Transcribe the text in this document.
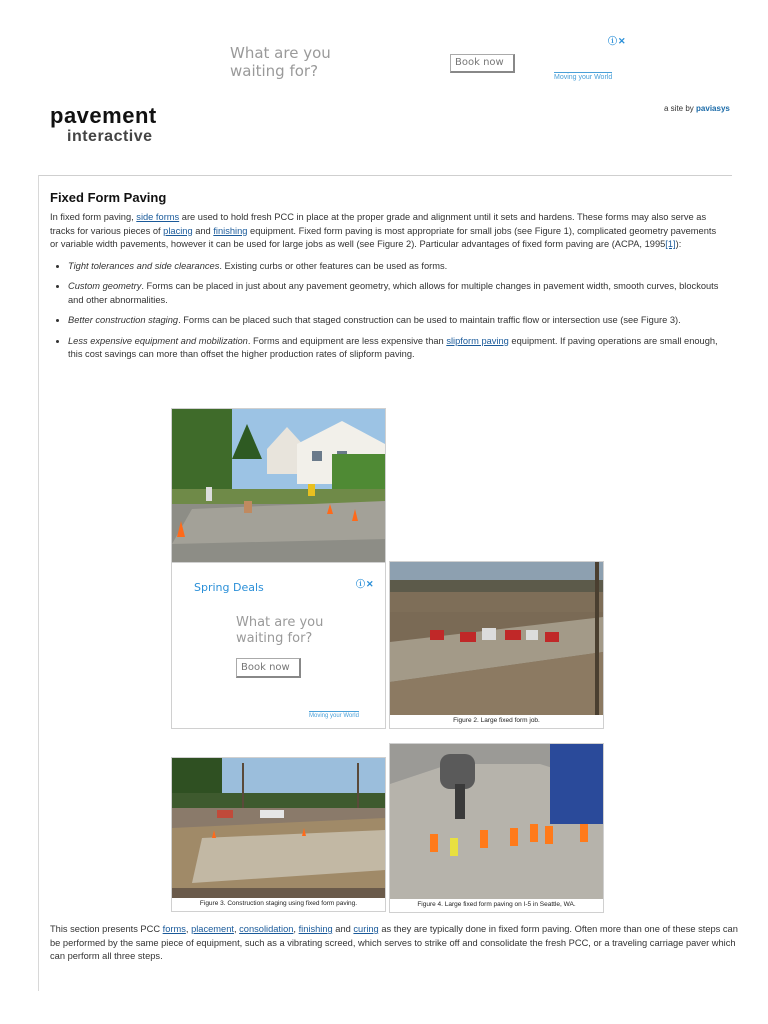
What are you waiting for?	Book now
Moving your World
ⓘ✕
pavement
interactive
a site by paviasys
Fixed Form Paving

In fixed form paving, side forms are used to hold fresh PCC in place at the proper grade and alignment until it sets and hardens. These forms may also serve as tracks for various pieces of placing and finishing equipment. Fixed form paving is most appropriate for small jobs (see Figure 1), complicated geometry pavements or variable width pavements, however it can be used for large jobs as well (see Figure 2). Particular advantages of fixed form paving are (ACPA, 1995[1]):

• Tight tolerances and side clearances. Existing curbs or other features can be used as forms.
• Custom geometry. Forms can be placed in just about any pavement geometry, which allows for multiple changes in pavement width, smooth curves, blockouts and other abnormalities.
• Better construction staging. Forms can be placed such that staged construction can be used to maintain traffic flow or intersection use (see Figure 3).
• Less expensive equipment and mobilization. Forms and equipment are less expensive than slipform paving equipment. If paving operations are small enough, this cost savings can more than offset the higher production rates of slipform paving.
Spring Deals	ⓘ✕
What are you waiting for?
Book now
Moving your World
Figure 2. Large fixed form job.
Figure 3. Construction staging using fixed form paving.	Figure 4. Large fixed form paving on I-5 in Seattle, WA.

This section presents PCC forms, placement, consolidation, finishing and curing as they are typically done in fixed form paving. Often more than one of these steps can be performed by the same piece of equipment, such as a vibrating screed, which serves to strike off and consolidate the fresh PCC, or a traveling carriage paver which can perform all three steps.
